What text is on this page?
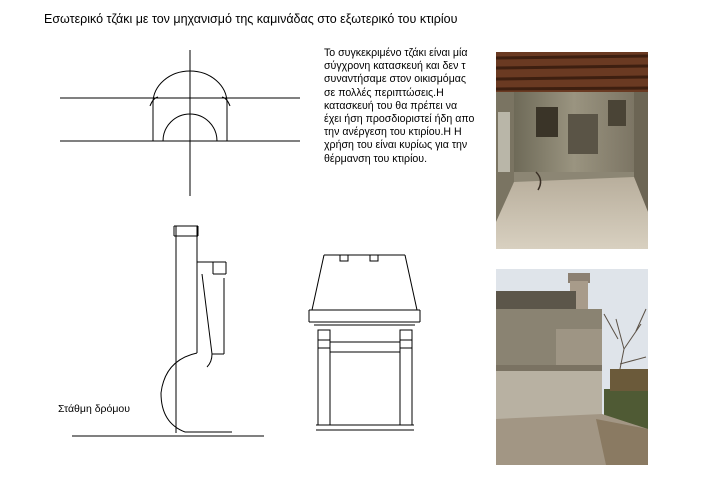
Εσωτερικό τζάκι με τον μηχανισμό της καμινάδας στο εξωτερικό του κτιρίου
Το συγκεκριμένο τζάκι είναι μία
σύγχρονη κατασκευή και δεν τ
συναντήσαμε στον οικισμόμας
σε πολλές περιπτώσεις.Η
κατασκευή του θα πρέπει να
έχει ήση προσδιοριστεί ήδη απο
την ανέργεση του κτιρίου.Η Η
χρήση του είναι κυρίως για την
θέρμανση του κτιρίου.
Στάθμη δρόμου
